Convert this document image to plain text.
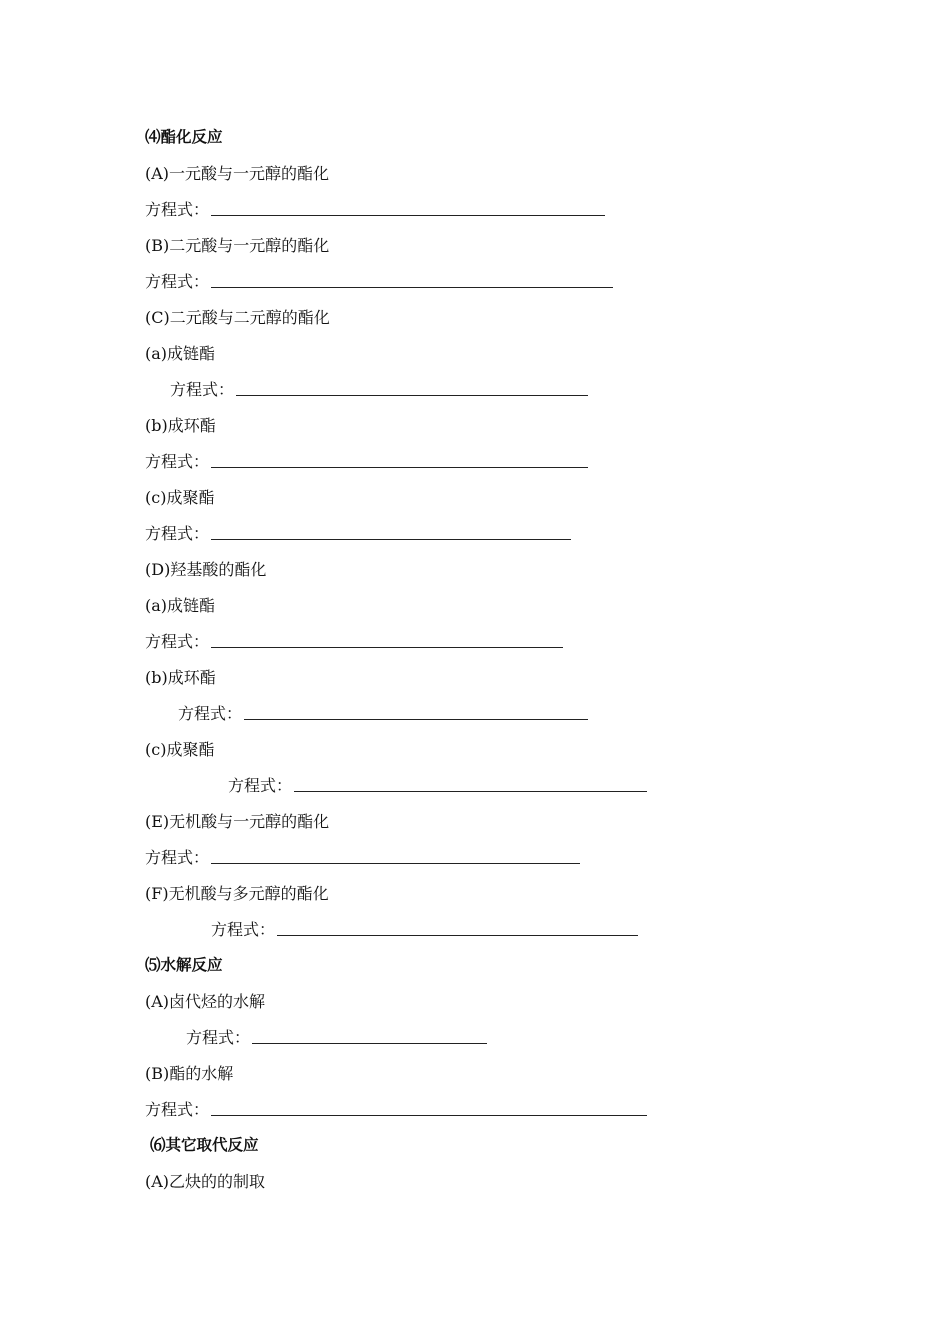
⑷酯化反应
(A)一元酸与一元醇的酯化
方程式：
(B)二元酸与一元醇的酯化
方程式：
(C)二元酸与二元醇的酯化
(a)成链酯
方程式：
(b)成环酯
方程式：
(c)成聚酯
方程式：
(D)羟基酸的酯化
(a)成链酯
方程式：
(b)成环酯
方程式：
(c)成聚酯
方程式：
(E)无机酸与一元醇的酯化
方程式：
(F)无机酸与多元醇的酯化
方程式：
⑸水解反应
(A)卤代烃的水解
方程式：
(B)酯的水解
方程式：
⑹其它取代反应
(A)乙炔的的制取
